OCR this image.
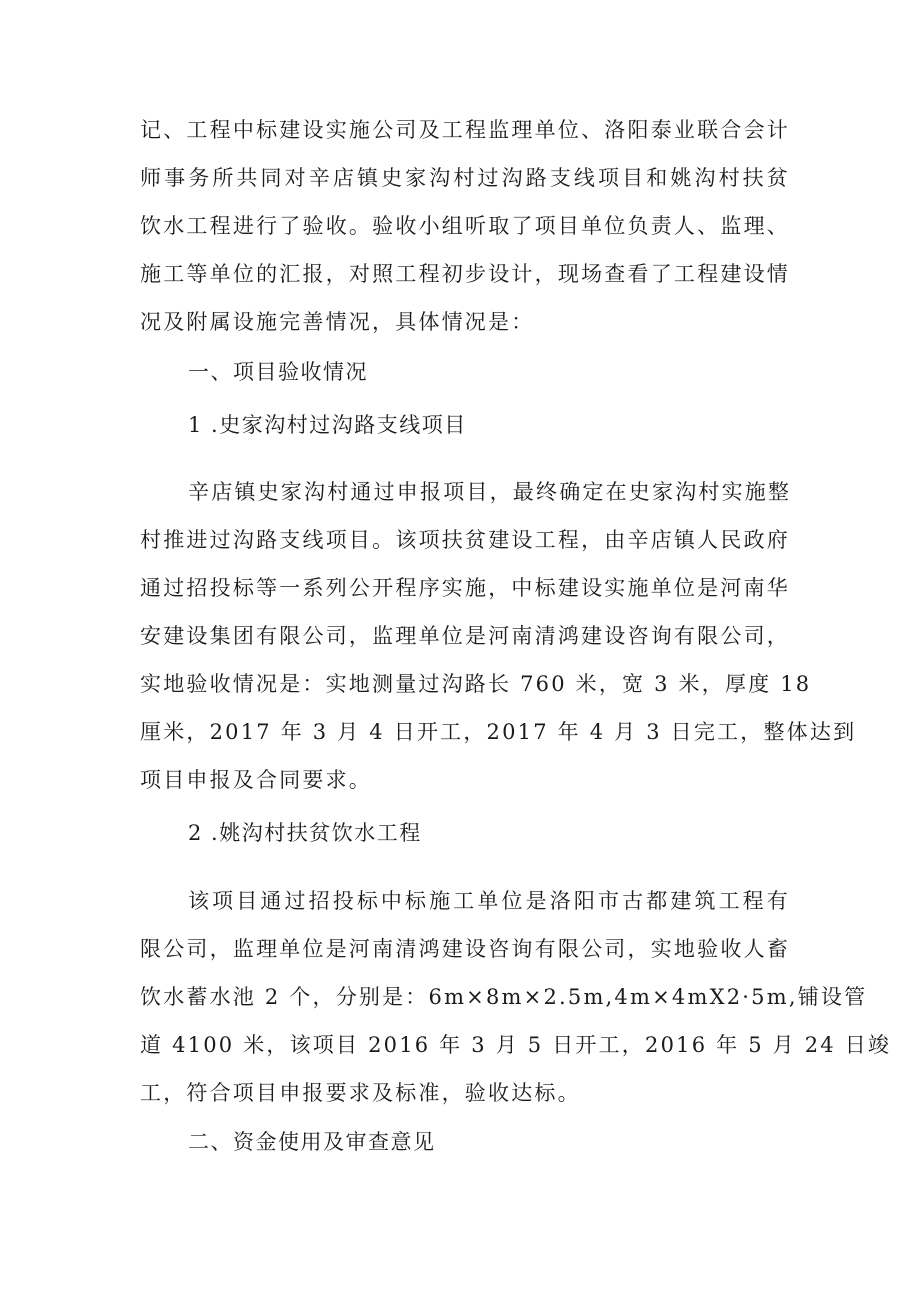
记、工程中标建设实施公司及工程监理单位、洛阳泰业联合会计
师事务所共同对辛店镇史家沟村过沟路支线项目和姚沟村扶贫
饮水工程进行了验收。验收小组听取了项目单位负责人、监理、
施工等单位的汇报，对照工程初步设计，现场查看了工程建设情
况及附属设施完善情况，具体情况是：
一、项目验收情况
1 .史家沟村过沟路支线项目
辛店镇史家沟村通过申报项目，最终确定在史家沟村实施整
村推进过沟路支线项目。该项扶贫建设工程，由辛店镇人民政府
通过招投标等一系列公开程序实施，中标建设实施单位是河南华
安建设集团有限公司，监理单位是河南清鸿建设咨询有限公司，
实地验收情况是：实地测量过沟路长 760 米，宽 3 米，厚度 18
厘米，2017 年 3 月 4 日开工，2017 年 4 月 3 日完工，整体达到
项目申报及合同要求。
2 .姚沟村扶贫饮水工程
该项目通过招投标中标施工单位是洛阳市古都建筑工程有
限公司，监理单位是河南清鸿建设咨询有限公司，实地验收人畜
饮水蓄水池 2 个，分别是：6m×8m×2.5m,4m×4mX2·5m,铺设管
道 4100 米，该项目 2016 年 3 月 5 日开工，2016 年 5 月 24 日竣
工，符合项目申报要求及标准，验收达标。
二、资金使用及审查意见
